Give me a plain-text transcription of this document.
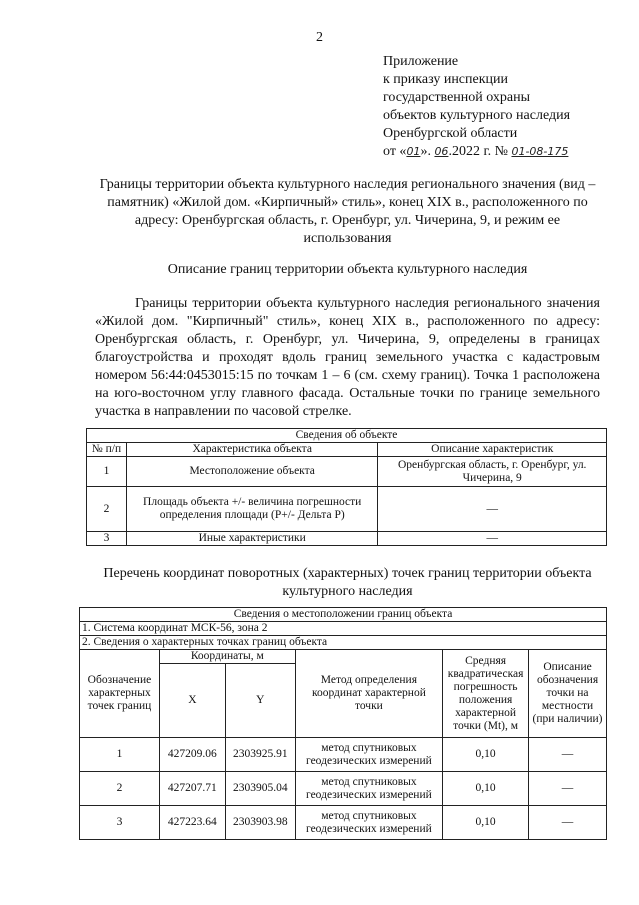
2
Приложение
к приказу инспекции
государственной охраны
объектов культурного наследия
Оренбургской области
от «01». 06.2022 г. № 01-08-175
Границы территории объекта культурного наследия регионального значения (вид – памятник) «Жилой дом. «Кирпичный» стиль», конец XIX в., расположенного по адресу: Оренбургская область, г. Оренбург, ул. Чичерина, 9, и режим ее использования
Описание границ территории объекта культурного наследия
Границы территории объекта культурного наследия регионального значения «Жилой дом. "Кирпичный" стиль», конец XIX в., расположенного по адресу: Оренбургская область, г. Оренбург, ул. Чичерина, 9, определены в границах благоустройства и проходят вдоль границ земельного участка с кадастровым номером 56:44:0453015:15 по точкам 1 – 6 (см. схему границ). Точка 1 расположена на юго-восточном углу главного фасада. Остальные точки по границе земельного участка в направлении по часовой стрелке.
Сведения об объекте		
№ п/п	Характеристика объекта	Описание характеристик
1	Местоположение объекта	Оренбургская область, г. Оренбург, ул. Чичерина, 9
2	Площадь объекта +/- величина погрешности определения площади (Р+/- Дельта Р)	—
3	Иные характеристики	—
Перечень координат поворотных (характерных) точек границ территории объекта культурного наследия
Сведения о местоположении границ объекта					
1. Система координат МСК-56, зона 2					
2. Сведения о характерных точках границ объекта					
Обозначение характерных точек границ	Координаты, м		Метод определения координат характерной точки	Средняя квадратическая погрешность положения характерной точки (Mt), м	Описание обозначения точки на местности (при наличии)
	X	Y			
1	427209.06	2303925.91	метод спутниковых геодезических измерений	0,10	—
2	427207.71	2303905.04	метод спутниковых геодезических измерений	0,10	—
3	427223.64	2303903.98	метод спутниковых геодезических измерений	0,10	—
